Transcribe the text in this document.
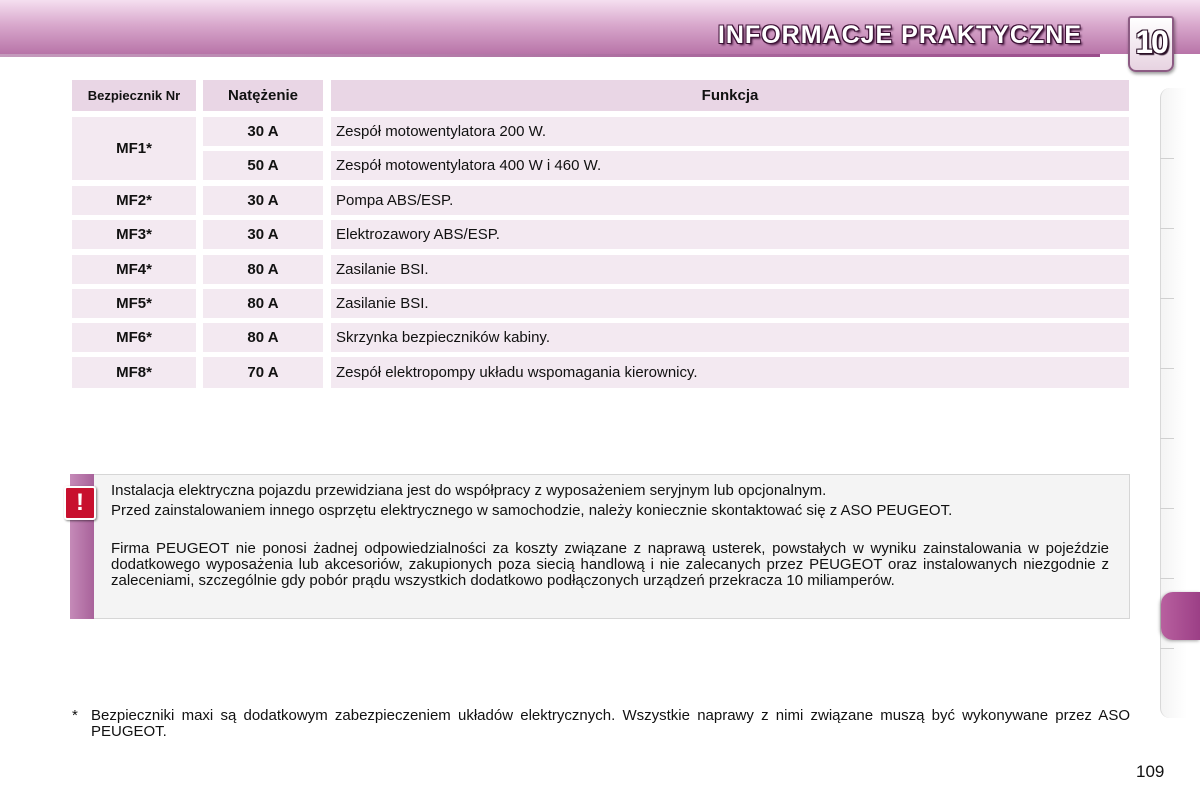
INFORMACJE PRAKTYCZNE 10
Bezpiecznik Nr	Natężenie	Funkcja
MF1*
30 A	Zespół motowentylatora 200 W.
50 A	Zespół motowentylatora 400 W i 460 W.
MF2*	30 A	Pompa ABS/ESP.
MF3*	30 A	Elektrozawory ABS/ESP.
MF4*	80 A	Zasilanie BSI.
MF5*	80 A	Zasilanie BSI.
MF6*	80 A	Skrzynka bezpieczników kabiny.
MF8*	70 A	Zespół elektropompy układu wspomagania kierownicy.
!	Instalacja elektryczna pojazdu przewidziana jest do współpracy z wyposażeniem seryjnym lub opcjonalnym.

Przed zainstalowaniem innego osprzętu elektrycznego w samochodzie, należy koniecznie skontaktować się z ASO PEUGEOT.

Firma PEUGEOT nie ponosi żadnej odpowiedzialności za koszty związane z naprawą usterek, powstałych w wyniku zainstalowania w pojeździe dodatkowego wyposażenia lub akcesoriów, zakupionych poza siecią handlową i nie zalecanych przez PEUGEOT oraz instalowanych niezgodnie z zaleceniami, szczególnie gdy pobór prądu wszystkich dodatkowo podłączonych urządzeń przekracza 10 miliamperów.

* Bezpieczniki maxi są dodatkowym zabezpieczeniem układów elektrycznych. Wszystkie naprawy z nimi związane muszą być wykonywane przez ASO PEUGEOT.
109
